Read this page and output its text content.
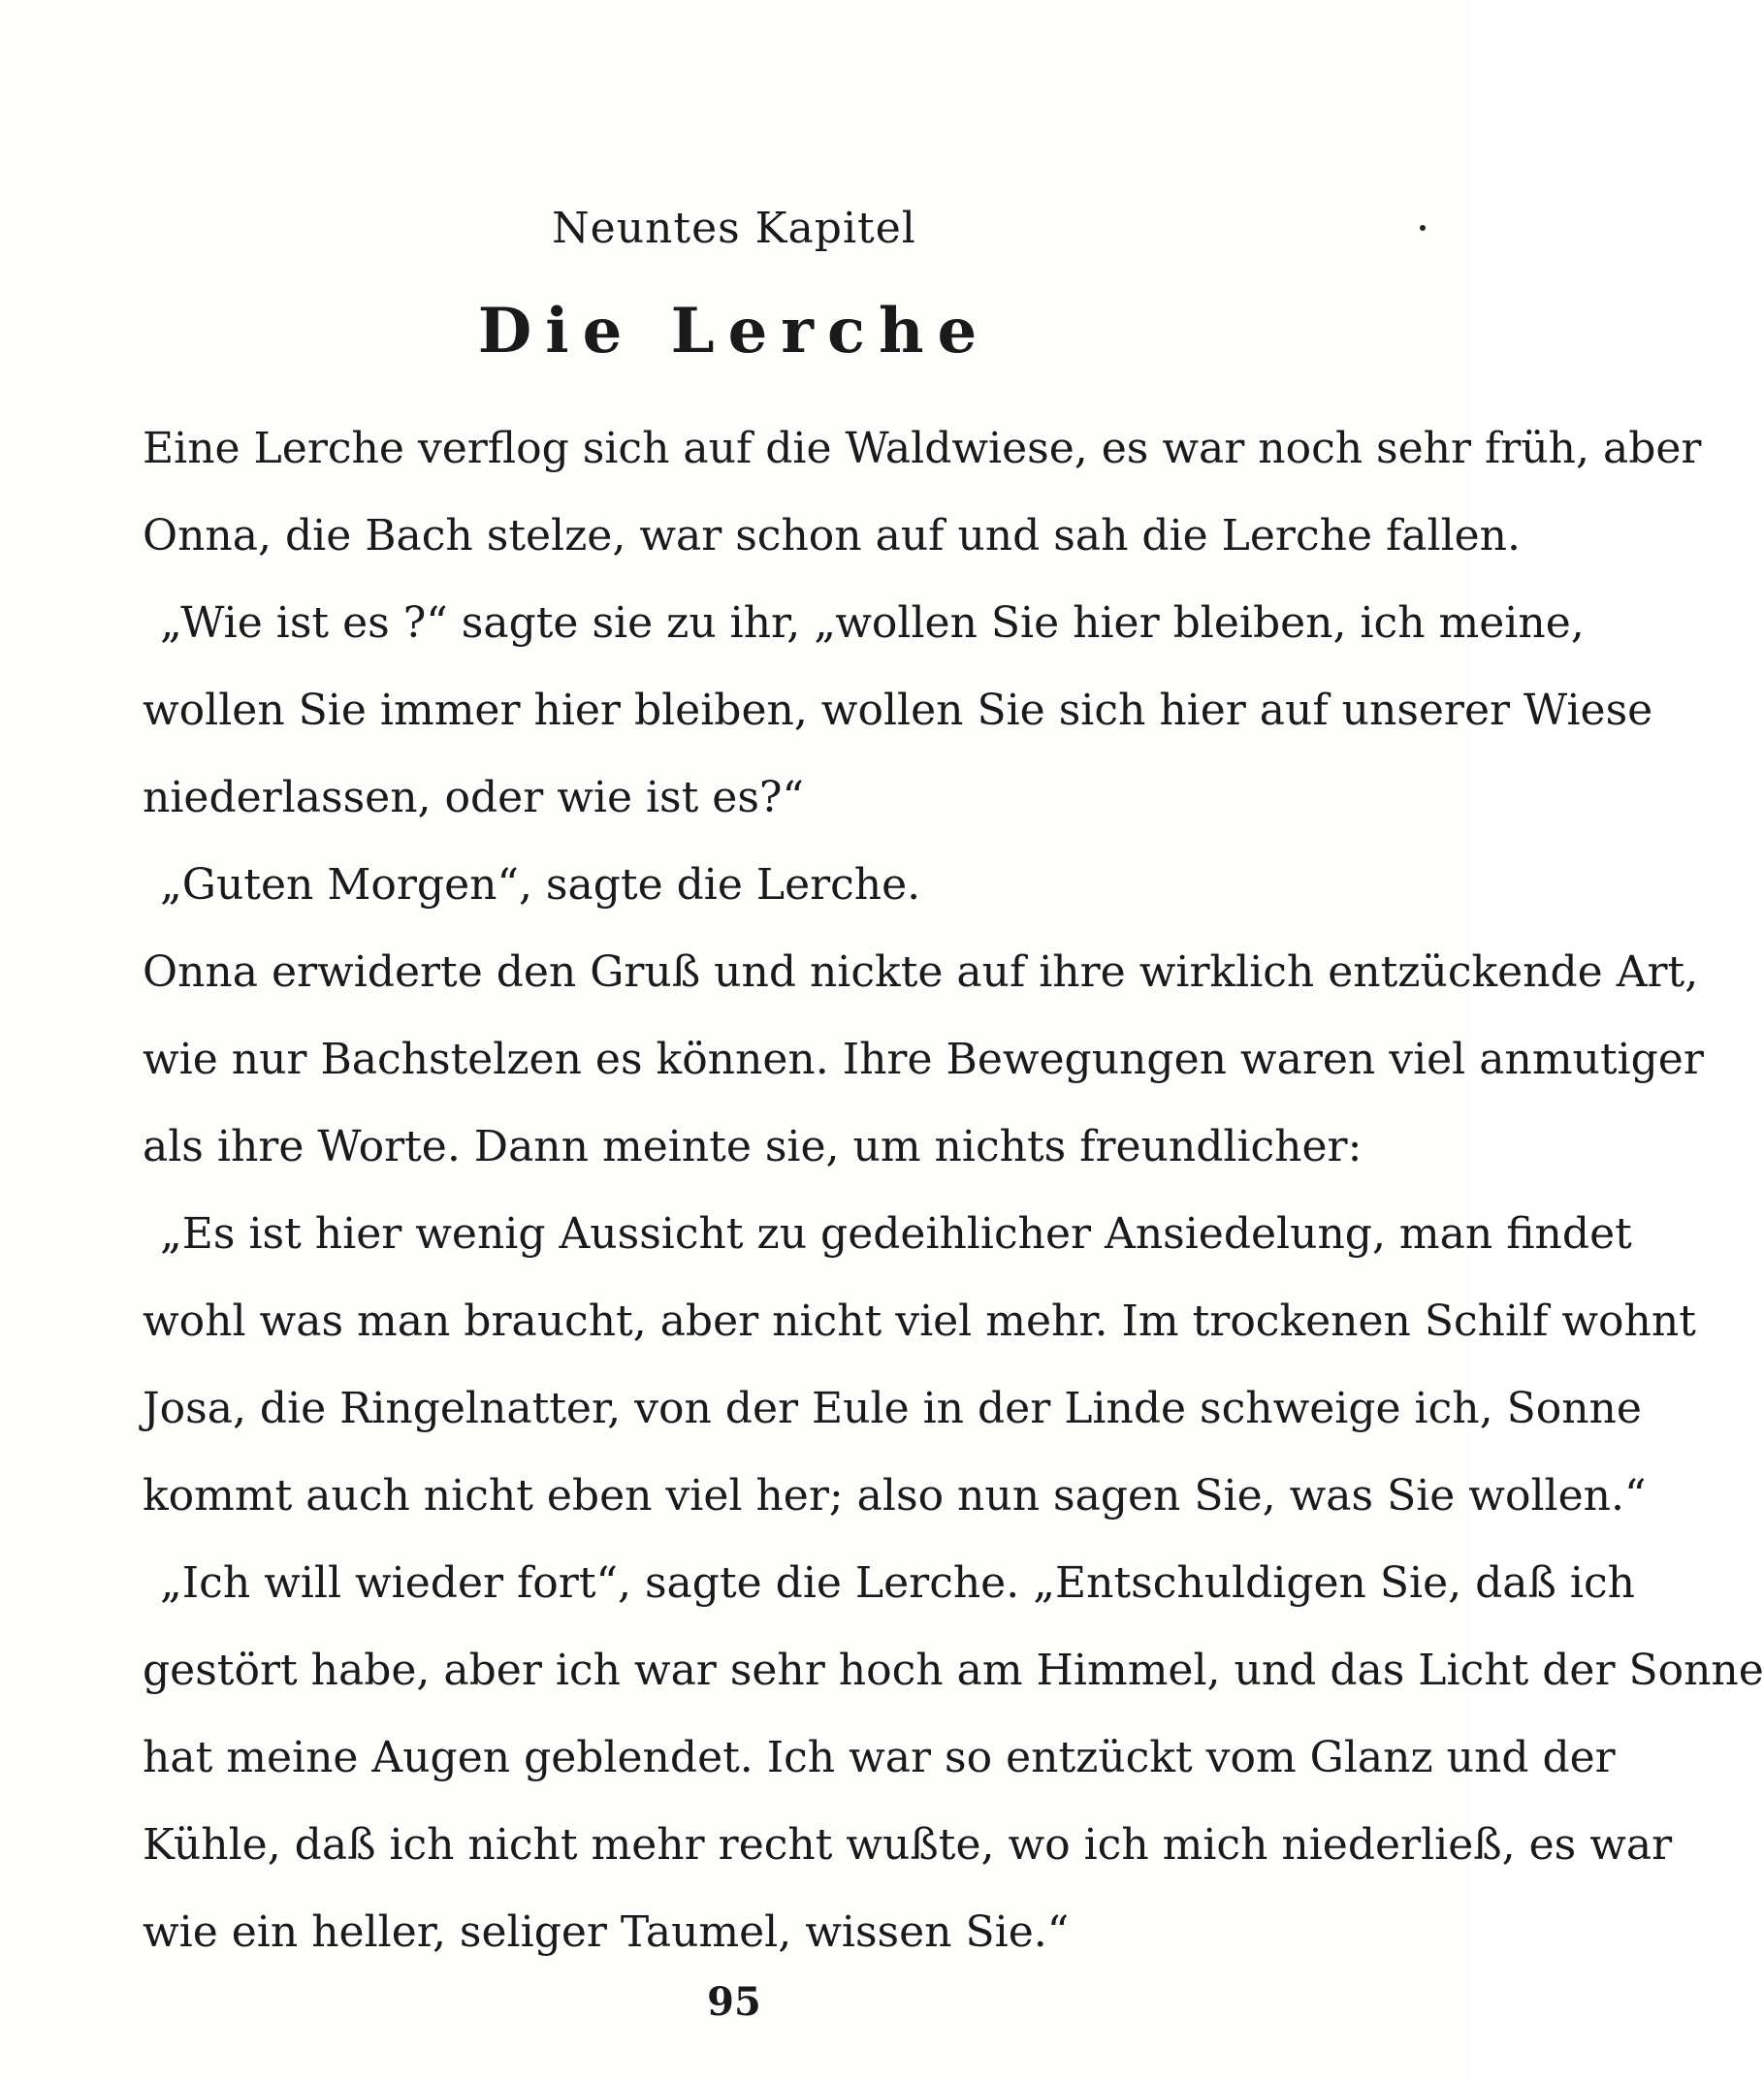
Neuntes Kapitel
Die Lerche
Eine Lerche verflog sich auf die Waldwiese, es war noch sehr früh, aber
Onna, die Bach stelze, war schon auf und sah die Lerche fallen.
„Wie ist es ?“ sagte sie zu ihr, „wollen Sie hier bleiben, ich meine,
wollen Sie immer hier bleiben, wollen Sie sich hier auf unserer Wiese
niederlassen, oder wie ist es?“
„Guten Morgen“, sagte die Lerche.
Onna erwiderte den Gruß und nickte auf ihre wirklich entzückende Art,
wie nur Bachstelzen es können. Ihre Bewegungen waren viel anmutiger
als ihre Worte. Dann meinte sie, um nichts freundlicher:
„Es ist hier wenig Aussicht zu gedeihlicher Ansiedelung, man findet
wohl was man braucht, aber nicht viel mehr. Im trockenen Schilf wohnt
Josa, die Ringelnatter, von der Eule in der Linde schweige ich, Sonne
kommt auch nicht eben viel her; also nun sagen Sie, was Sie wollen.“
„Ich will wieder fort“, sagte die Lerche. „Entschuldigen Sie, daß ich
gestört habe, aber ich war sehr hoch am Himmel, und das Licht der Sonne
hat meine Augen geblendet. Ich war so entzückt vom Glanz und der
Kühle, daß ich nicht mehr recht wußte, wo ich mich niederließ, es war
wie ein heller, seliger Taumel, wissen Sie.“
95
